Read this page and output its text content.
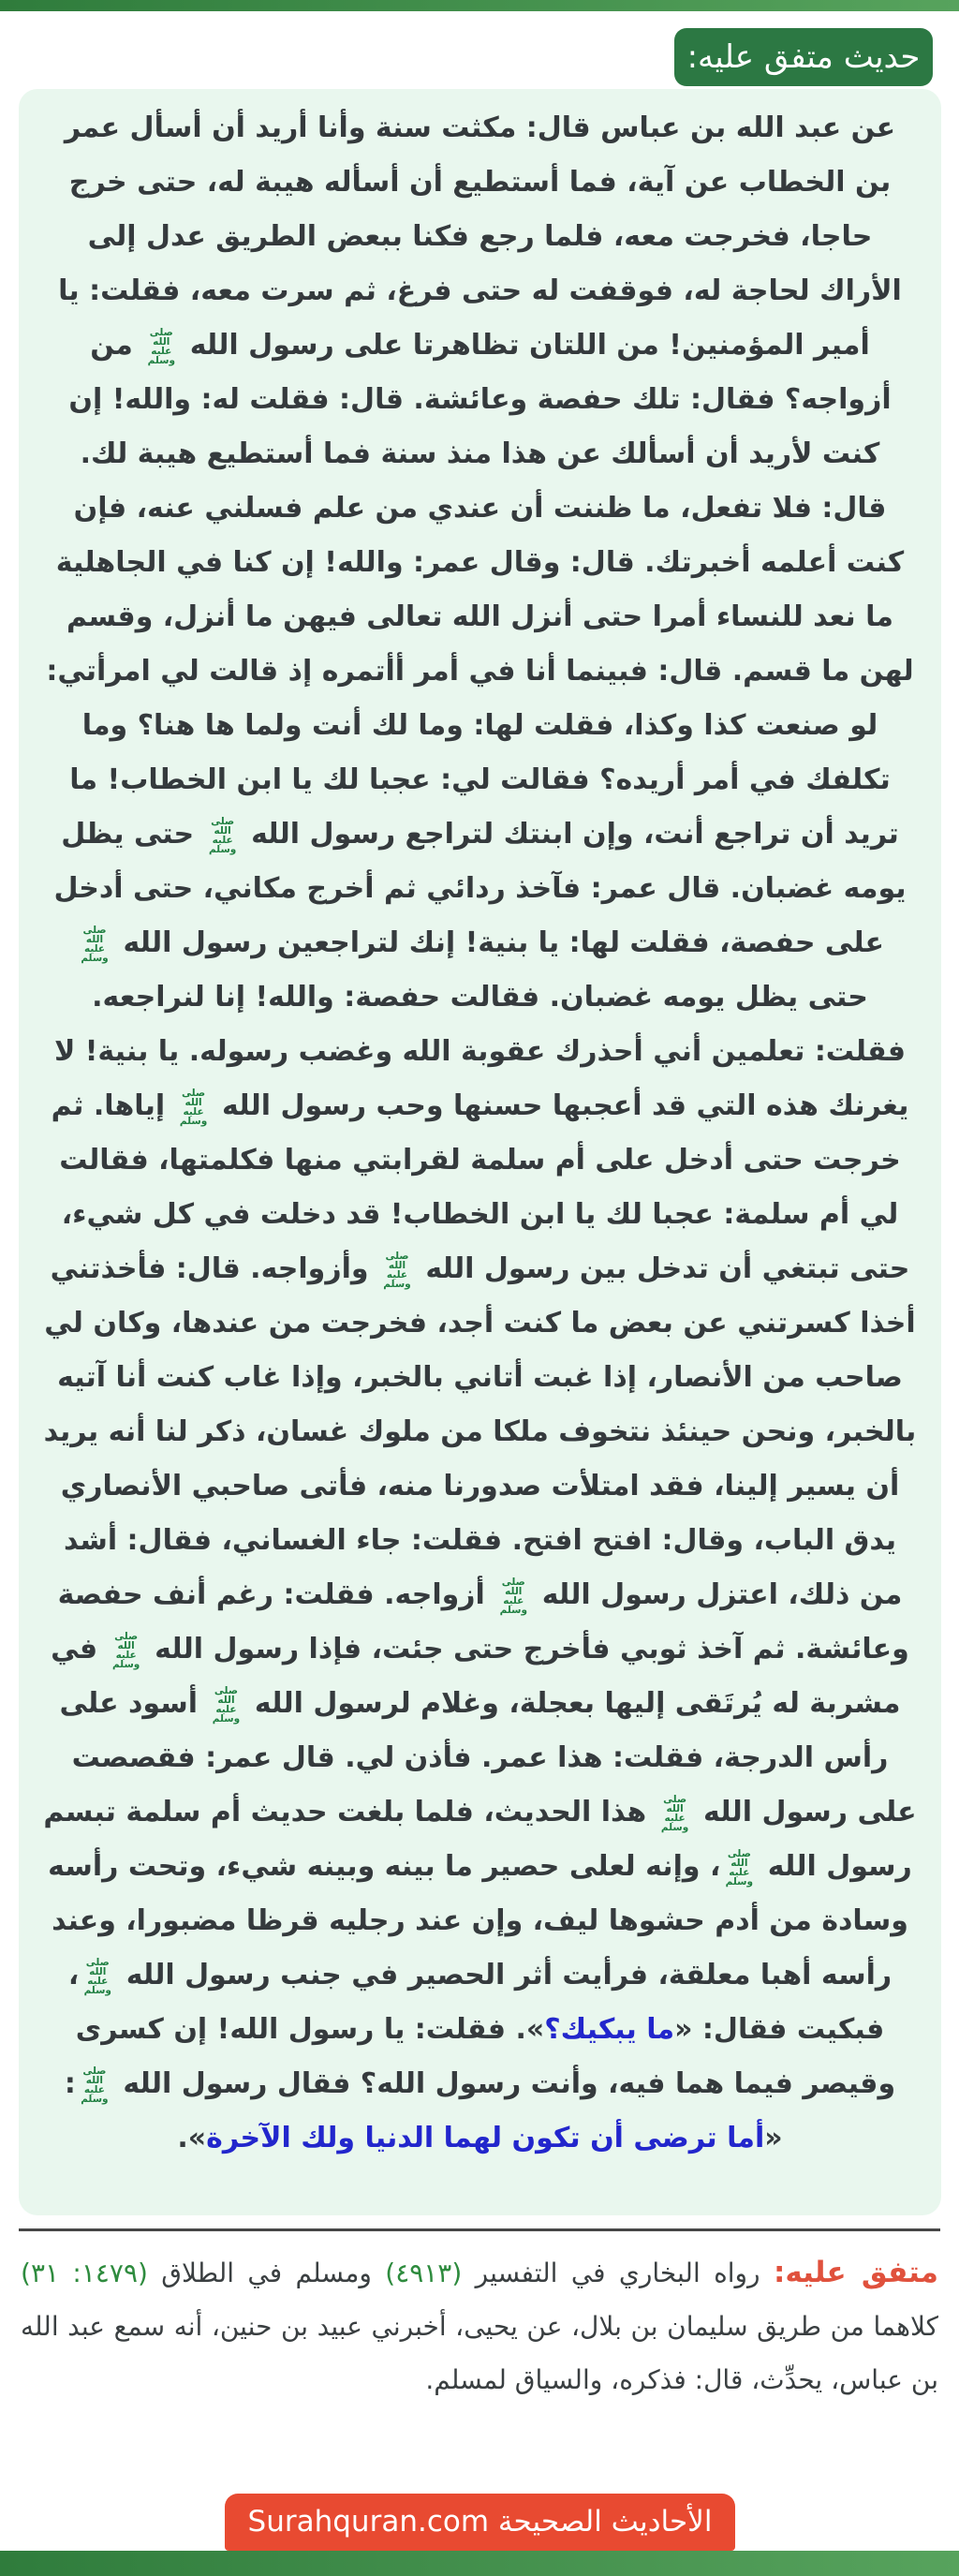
حديث متفق عليه:
عن عبد الله بن عباس قال: مكثت سنة وأنا أريد أن أسأل عمر بن الخطاب عن آية، فما أستطيع أن أسأله هيبة له، حتى خرج حاجا، فخرجت معه، فلما رجع فكنا ببعض الطريق عدل إلى الأراك لحاجة له، فوقفت له حتى فرغ، ثم سرت معه، فقلت: يا أمير المؤمنين! من اللتان تظاهرتا على رسول الله صلى الله عليه وسلم من أزواجه؟ فقال: تلك حفصة وعائشة. قال: فقلت له: والله! إن كنت لأريد أن أسألك عن هذا منذ سنة فما أستطيع هيبة لك. قال: فلا تفعل، ما ظننت أن عندي من علم فسلني عنه، فإن كنت أعلمه أخبرتك. قال: وقال عمر: والله! إن كنا في الجاهلية ما نعد للنساء أمرا حتى أنزل الله تعالى فيهن ما أنزل، وقسم لهن ما قسم. قال: فبينما أنا في أمر أأتمره إذ قالت لي امرأتي: لو صنعت كذا وكذا، فقلت لها: وما لك أنت ولما ها هنا؟ وما تكلفك في أمر أريده؟ فقالت لي: عجبا لك يا ابن الخطاب! ما تريد أن تراجع أنت، وإن ابنتك لتراجع رسول الله صلى الله عليه وسلم حتى يظل يومه غضبان. قال عمر: فآخذ ردائي ثم أخرج مكاني، حتى أدخل على حفصة، فقلت لها: يا بنية! إنك لتراجعين رسول الله صلى الله عليه وسلم حتى يظل يومه غضبان. فقالت حفصة: والله! إنا لنراجعه. فقلت: تعلمين أني أحذرك عقوبة الله وغضب رسوله. يا بنية! لا يغرنك هذه التي قد أعجبها حسنها وحب رسول الله صلى الله عليه وسلم إياها. ثم خرجت حتى أدخل على أم سلمة لقرابتي منها فكلمتها، فقالت لي أم سلمة: عجبا لك يا ابن الخطاب! قد دخلت في كل شيء، حتى تبتغي أن تدخل بين رسول الله صلى الله عليه وسلم وأزواجه. قال: فأخذتني أخذا كسرتني عن بعض ما كنت أجد، فخرجت من عندها، وكان لي صاحب من الأنصار، إذا غبت أتاني بالخبر، وإذا غاب كنت أنا آتيه بالخبر، ونحن حينئذ نتخوف ملكا من ملوك غسان، ذكر لنا أنه يريد أن يسير إلينا، فقد امتلأت صدورنا منه، فأتى صاحبي الأنصاري يدق الباب، وقال: افتح افتح. فقلت: جاء الغساني، فقال: أشد من ذلك، اعتزل رسول الله صلى الله عليه وسلم أزواجه. فقلت: رغم أنف حفصة وعائشة. ثم آخذ ثوبي فأخرج حتى جئت، فإذا رسول الله صلى الله عليه وسلم في مشربة له يُرتَقى إليها بعجلة، وغلام لرسول الله صلى الله عليه وسلم أسود على رأس الدرجة، فقلت: هذا عمر. فأذن لي. قال عمر: فقصصت على رسول الله صلى الله عليه وسلم هذا الحديث، فلما بلغت حديث أم سلمة تبسم رسول الله صلى الله عليه وسلم، وإنه لعلى حصير ما بينه وبينه شيء، وتحت رأسه وسادة من أدم حشوها ليف، وإن عند رجليه قرظا مضبورا، وعند رأسه أهبا معلقة، فرأيت أثر الحصير في جنب رسول الله صلى الله عليه وسلم، فبكيت فقال: «ما يبكيك؟». فقلت: يا رسول الله! إن كسرى وقيصر فيما هما فيه، وأنت رسول الله؟ فقال رسول الله صلى الله عليه وسلم: «أما ترضى أن تكون لهما الدنيا ولك الآخرة».
متفق عليه: رواه البخاري في التفسير (٤٩١٣) ومسلم في الطلاق (١٤٧٩: ٣١) كلاهما من طريق سليمان بن بلال، عن يحيى، أخبرني عبيد بن حنين، أنه سمع عبد الله بن عباس، يحدِّث، قال: فذكره، والسياق لمسلم.
الأحاديث الصحيحة Surahquran.com
